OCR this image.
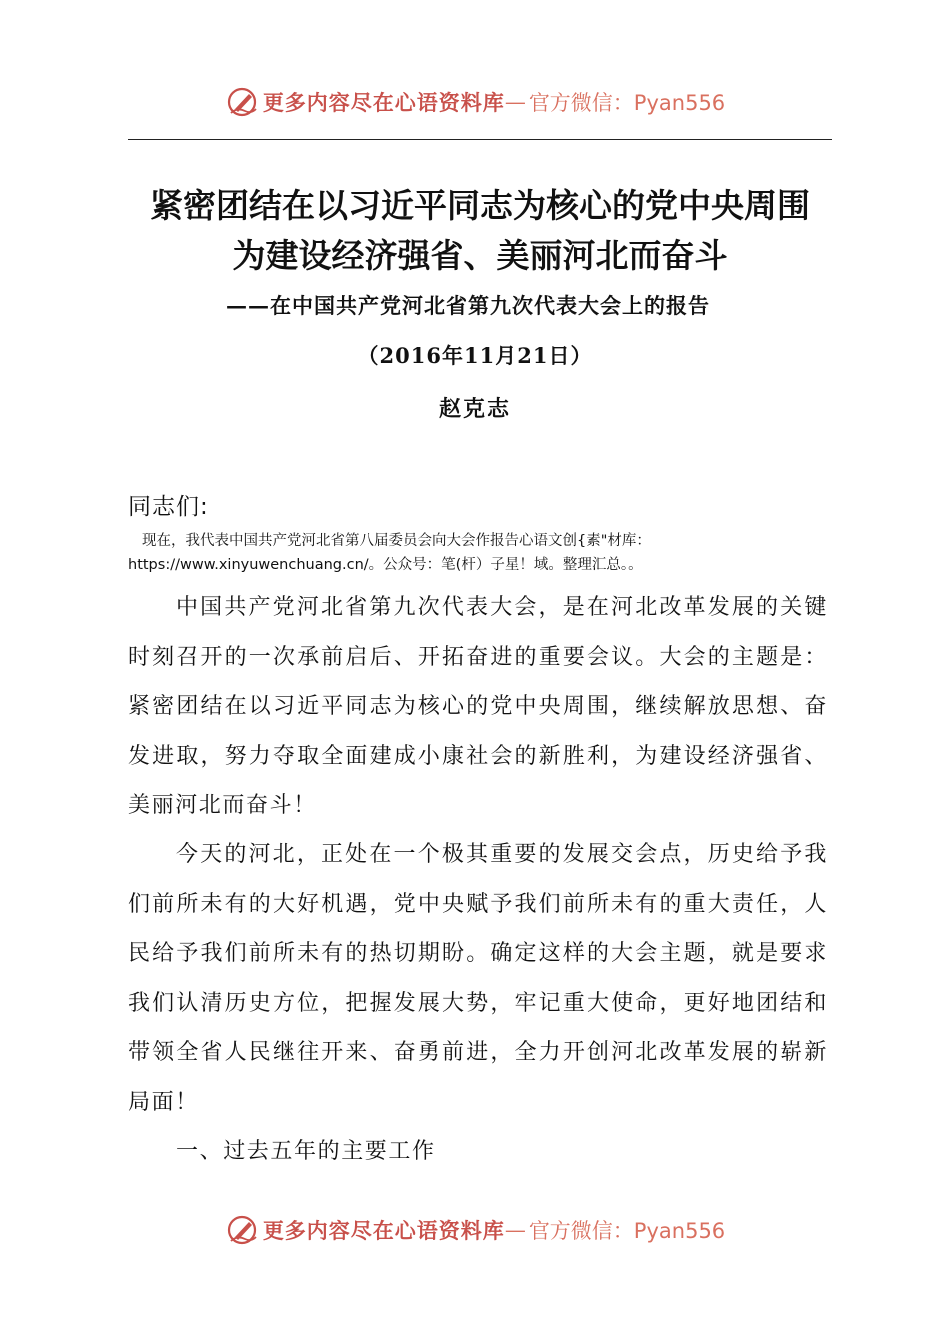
更多内容尽在心语资料库 — 官方微信：Pyan556
紧密团结在以习近平同志为核心的党中央周围
为建设经济强省、美丽河北而奋斗
——在中国共产党河北省第九次代表大会上的报告
（2016年11月21日）
赵克志
同志们:
现在，我代表中国共产党河北省第八届委员会向大会作报告心语文创{素"材库：https://www.xinyuwenchuang.cn/。公众号：笔(杆）子星！域。整理汇总。。

中国共产党河北省第九次代表大会，是在河北改革发展的关键时刻召开的一次承前启后、开拓奋进的重要会议。大会的主题是：紧密团结在以习近平同志为核心的党中央周围，继续解放思想、奋发进取，努力夺取全面建成小康社会的新胜利，为建设经济强省、美丽河北而奋斗！

今天的河北，正处在一个极其重要的发展交会点，历史给予我们前所未有的大好机遇，党中央赋予我们前所未有的重大责任，人民给予我们前所未有的热切期盼。确定这样的大会主题，就是要求我们认清历史方位，把握发展大势，牢记重大使命，更好地团结和带领全省人民继往开来、奋勇前进，全力开创河北改革发展的崭新局面！

一、过去五年的主要工作

更多内容尽在心语资料库 — 官方微信：Pyan556
